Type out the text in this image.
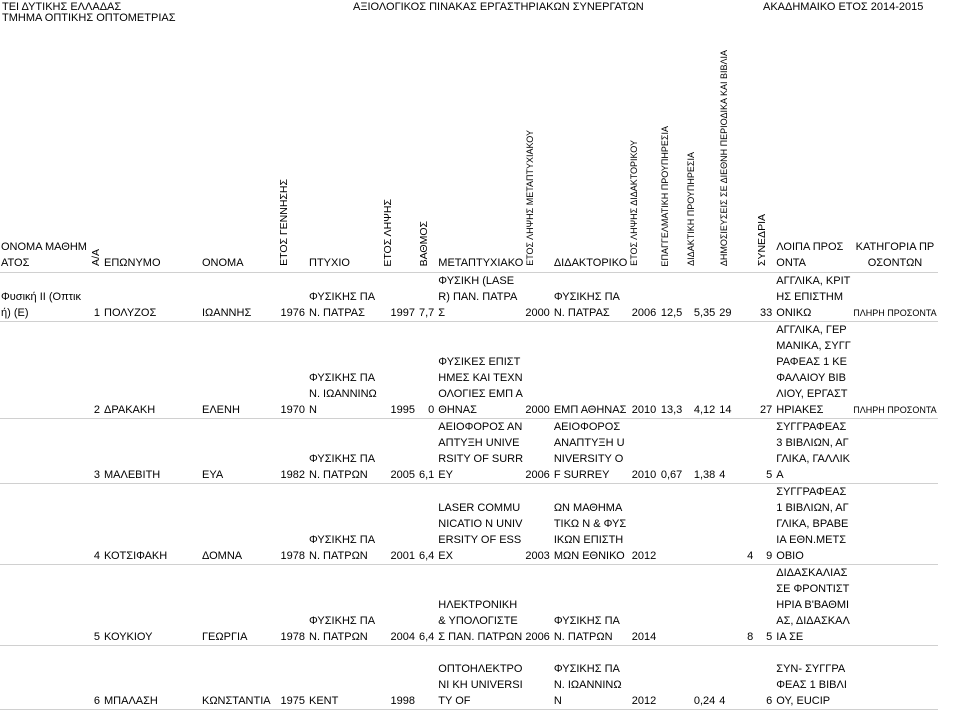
ΤΕΙ ΔΥΤΙΚΗΣ ΕΛΛΑΔΑΣ
ΤΜΗΜΑ ΟΠΤΙΚΗΣ ΟΠΤΟΜΕΤΡΙΑΣ
ΑΞΙΟΛΟΓΙΚΟΣ ΠΙΝΑΚΑΣ ΕΡΓΑΣΤΗΡΙΑΚΩΝ ΣΥΝΕΡΓΑΤΩΝ	ΑΚΑΔΗΜΑΙΚΟ ΕΤΟΣ 2014-2015
ΟΝΟΜΑ ΜΑΘΗΜΑΤΟΣ	Α/Α	ΕΠΩΝΥΜΟ	ΟΝΟΜΑ	ΕΤΟΣ ΓΕΝΝΗΣΗΣ	ΠΤΥΧΙΟ	ΕΤΟΣ ΛΗΨΗΣ	ΒΑΘΜΟΣ	ΜΕΤΑΠΤΥΧΙΑΚΟ	ΕΤΟΣ ΛΗΨΗΣ ΜΕΤΑΠΤΥΧΙΑΚΟΥ	ΔΙΔΑΚΤΟΡΙΚΟ	ΕΤΟΣ ΛΗΨΗΣ ΔΙΔΑΚΤΟΡΙΚΟΥ	ΕΠΑΓΓΕΛΜΑΤΙΚΗ ΠΡΟΥΠΗΡΕΣΙΑ	ΔΙΔΑΚΤΙΚΗ ΠΡΟΥΠΗΡΕΣΙΑ	ΔΗΜΟΣΙΕΥΣΕΙΣ ΣΕ ΔΙΕΘΝΗ ΠΕΡΙΟΔΙΚΑ ΚΑΙ ΒΙΒΛΙΑ	ΣΥΝΕΔΡΙΑ	ΛΟΙΠΑ ΠΡΟΣΟΝΤΑ	ΚΑΤΗΓΟΡΙΑ ΠΡΟΣΟΝΤΩΝ
Φυσική ΙΙ (Οπτική) (Ε)	1	ΠΟΛΥΖΟΣ	ΙΩΑΝΝΗΣ	1976	ΦΥΣΙΚΗΣ ΠΑΝ. ΠΑΤΡΑΣ	1997	7,7	ΦΥΣΙΚΗ (LASER) ΠΑΝ. ΠΑΤΡΑΣ	2000	ΦΥΣΙΚΗΣ ΠΑΝ. ΠΑΤΡΑΣ	2006	12,5	5,35	29	33	ΑΓΓΛΙΚΑ, ΚΡΙΤΗΣ ΕΠΙΣΤΗΜΟΝΙΚΩ	ΠΛΗΡΗ ΠΡΟΣΟΝΤΑ
	2	ΔΡΑΚΑΚΗ	ΕΛΕΝΗ	1970	ΦΥΣΙΚΗΣ ΠΑΝ. ΙΩΑΝΝΙΝΩΝ	1995	0	ΦΥΣΙΚΕΣ ΕΠΙΣΤΗΜΕΣ ΚΑΙ ΤΕΧΝΟΛΟΓΙΕΣ ΕΜΠ ΑΘΗΝΑΣ	2000	ΕΜΠ ΑΘΗΝΑΣ	2010	13,3	4,12	14	27	ΑΓΓΛΙΚΑ, ΓΕΡΜΑΝΙΚΑ, ΣΥΓΓΡΑΦΕΑΣ 1 ΚΕΦΑΛΑΙΟΥ ΒΙΒΛΙΟΥ, ΕΡΓΑΣΤΗΡΙΑΚΕΣ	ΠΛΗΡΗ ΠΡΟΣΟΝΤΑ
	3	ΜΑΛΕΒΙΤΗ	ΕΥΑ	1982	ΦΥΣΙΚΗΣ ΠΑΝ. ΠΑΤΡΩΝ	2005	6,1	ΑΕΙΟΦΟΡΟΣ ΑΝΑΠΤΥΞΗ UNIVERSITY OF SURREY	2006	ΑΕΙΟΦΟΡΟΣ ΑΝΑΠΤΥΞΗ UNIVERSITY OF SURREY	2010	0,67	1,38	4	5	ΣΥΓΓΡΑΦΕΑΣ 3 ΒΙΒΛΙΩΝ, ΑΓΓΛΙΚΑ, ΓΑΛΛΙΚΑ	
	4	ΚΟΤΣΙΦΑΚΗ	ΔΟΜΝΑ	1978	ΦΥΣΙΚΗΣ ΠΑΝ. ΠΑΤΡΩΝ	2001	6,4	LASER COMMUNICATIO N UNIVERSITY OF ESSEX	2003	ΩΝ ΜΑΘΗΜΑΤΙΚΩ Ν & ΦΥΣΙΚΩΝ ΕΠΙΣΤΗΜΩΝ ΕΘΝΙΚΟ	2012			4	9	ΣΥΓΓΡΑΦΕΑΣ 1 ΒΙΒΛΙΩΝ, ΑΓΓΛΙΚΑ, ΒΡΑΒΕΙΑ ΕΘΝ.ΜΕΤΣΟΒΙΟ	
	5	ΚΟΥΚΙΟΥ	ΓΕΩΡΓΙΑ	1978	ΦΥΣΙΚΗΣ ΠΑΝ. ΠΑΤΡΩΝ	2004	6,4	ΗΛΕΚΤΡΟΝΙΚΗ & ΥΠΟΛΟΓΙΣΤΕΣ ΠΑΝ. ΠΑΤΡΩΝ	2006	ΦΥΣΙΚΗΣ ΠΑΝ. ΠΑΤΡΩΝ	2014			8	5	ΔΙΔΑΣΚΑΛΙΑΣ ΣΕ ΦΡΟΝΤΙΣΤΗΡΙΑ Β'ΒΑΘΜΙΑΣ, ΔΙΔΑΣΚΑΛΙΑ ΣΕ	
	6	ΜΠΑΛΑΣΗ	ΚΩΝΣΤΑΝΤΙΑ	1975	ΚΕΝΤ	1998		ΟΠΤΟΗΛΕΚΤΡΟΝΙ ΚΗ UNIVERSITY OF		ΦΥΣΙΚΗΣ ΠΑΝ. ΙΩΑΝΝΙΝΩΝ	2012		0,24	4	6	ΣΥΝ- ΣΥΓΓΡΑΦΕΑΣ 1 ΒΙΒΛΙΟΥ, EUCIP	
